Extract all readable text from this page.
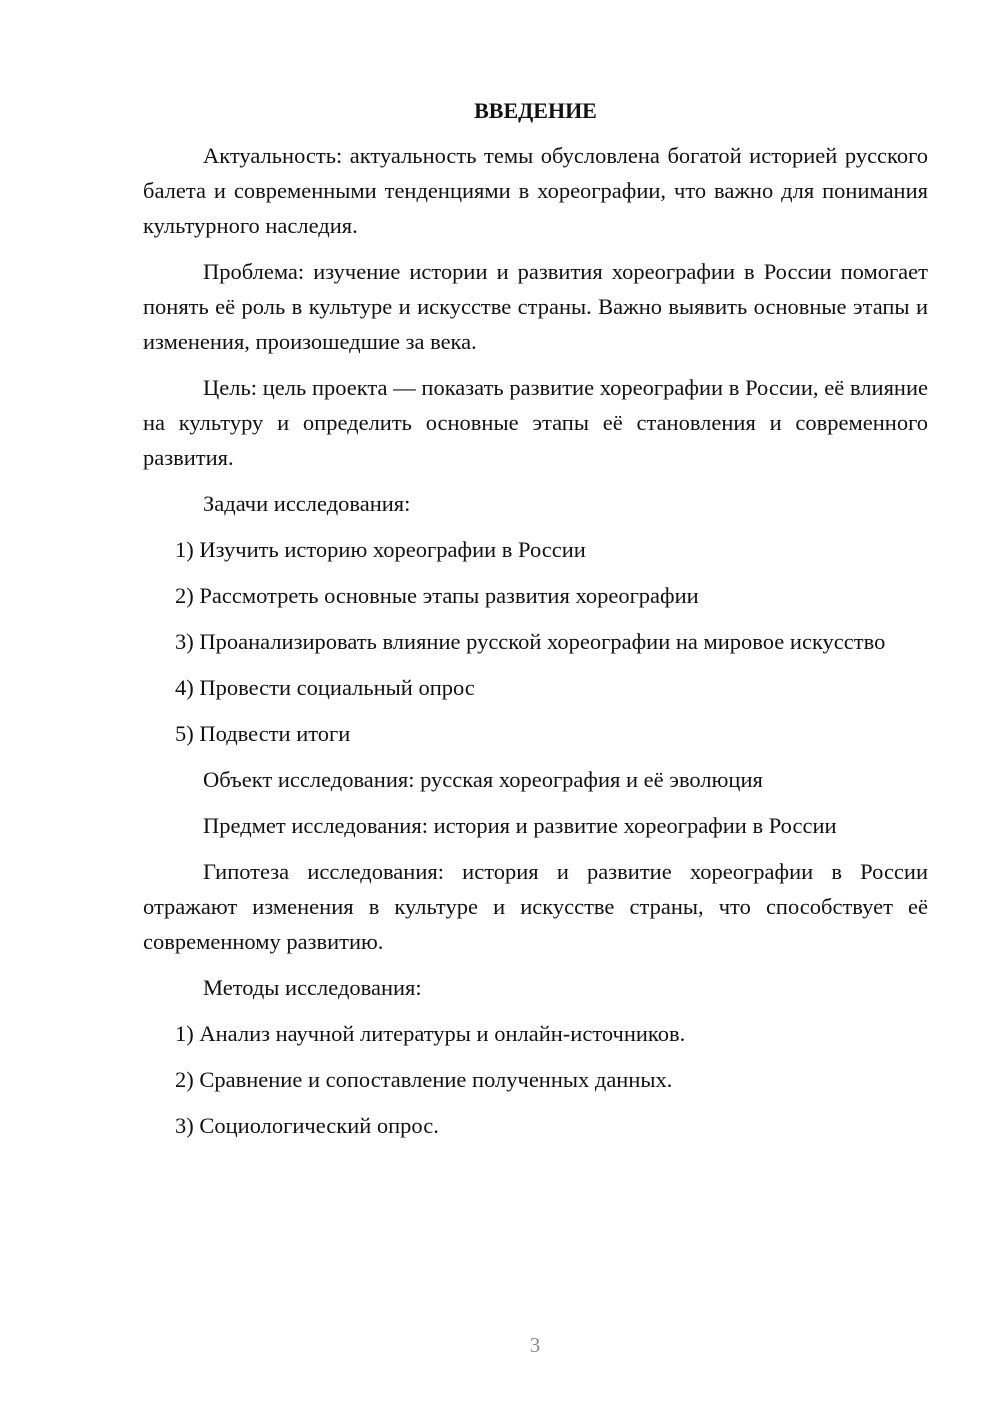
ВВЕДЕНИЕ

Актуальность: актуальность темы обусловлена богатой историей русского балета и современными тенденциями в хореографии, что важно для понимания культурного наследия.

Проблема: изучение истории и развития хореографии в России помогает понять её роль в культуре и искусстве страны. Важно выявить основные этапы и изменения, произошедшие за века.

Цель: цель проекта — показать развитие хореографии в России, её влияние на культуру и определить основные этапы её становления и современного развития.

Задачи исследования:

1) Изучить историю хореографии в России

2) Рассмотреть основные этапы развития хореографии

3) Проанализировать влияние русской хореографии на мировое искусство

4) Провести социальный опрос

5) Подвести итоги

Объект исследования: русская хореография и её эволюция

Предмет исследования: история и развитие хореографии в России

Гипотеза исследования: история и развитие хореографии в России отражают изменения в культуре и искусстве страны, что способствует её современному развитию.

Методы исследования:

1) Анализ научной литературы и онлайн-источников.

2) Сравнение и сопоставление полученных данных.

3) Социологический опрос.

3
